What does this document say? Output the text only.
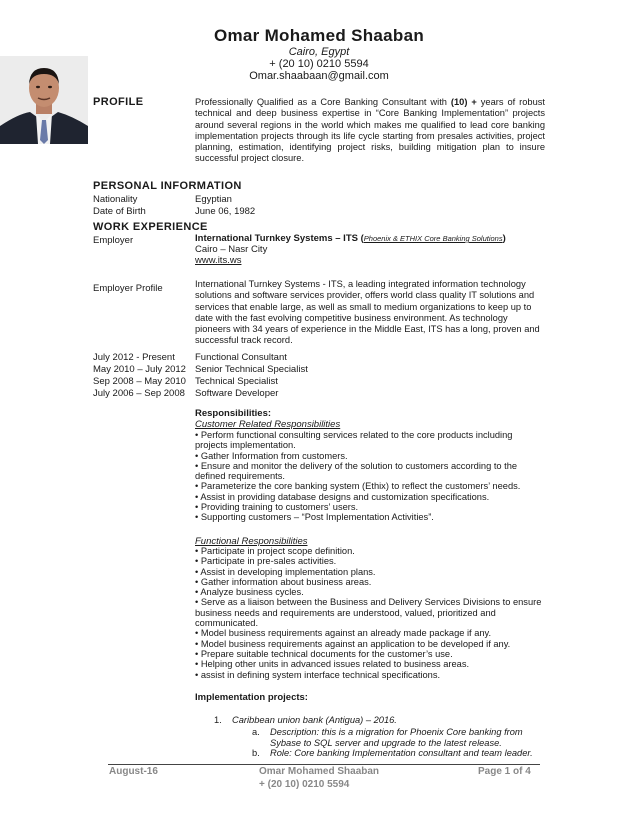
Omar Mohamed Shaaban
Cairo, Egypt
+ (20 10) 0210 5594
Omar.shaabaan@gmail.com
PROFILE	Professionally Qualified as a Core Banking Consultant with (10) + years of robust technical and deep business expertise in “Core Banking Implementation” projects around several regions in the world which makes me qualified to lead core banking implementation projects through its life cycle starting from presales activities, project planning, estimation, identifying project risks, building mitigation plan to insure successful project closure.
PERSONAL INFORMATION
Nationality	Egyptian
Date of Birth	June 06, 1982
WORK EXPERIENCE
Employer	International Turnkey Systems – ITS (Phoenix & ETHIX Core Banking Solutions)
Cairo – Nasr City
www.its.ws
Employer Profile	International Turnkey Systems - ITS, a leading integrated information technology solutions and software services provider, offers world class quality IT solutions and services that enable large, as well as small to medium organizations to keep up to date with the fast evolving competitive business environment. As technology pioneers with 34 years of experience in the Middle East, ITS has a long, proven and successful track record.
July 2012 - Present Functional Consultant
May 2010 – July 2012 Senior Technical Specialist
Sep 2008 – May 2010 Technical Specialist
July 2006 – Sep 2008 Software Developer
Responsibilities:
Customer Related Responsibilities
• Perform functional consulting services related to the core products including projects implementation.
• Gather Information from customers.
• Ensure and monitor the delivery of the solution to customers according to the defined requirements.
• Parameterize the core banking system (Ethix) to reflect the customers’ needs.
• Assist in providing database designs and customization specifications.
• Providing training to customers’ users.
• Supporting customers – “Post Implementation Activities”.
Functional Responsibilities
• Participate in project scope definition.
• Participate in pre-sales activities.
• Assist in developing implementation plans.
• Gather information about business areas.
• Analyze business cycles.
• Serve as a liaison between the Business and Delivery Services Divisions to ensure business needs and requirements are understood, valued, prioritized and communicated.
• Model business requirements against an already made package if any.
• Model business requirements against an application to be developed if any.
• Prepare suitable technical documents for the customer’s use.
• Helping other units in advanced issues related to business areas.
• assist in defining system interface technical specifications.
Implementation projects:
1. Caribbean union bank (Antigua) – 2016.
a. Description: this is a migration for Phoenix Core banking from Sybase to SQL server and upgrade to the latest release.
b. Role: Core banking Implementation consultant and team leader.
August-16	Omar Mohamed Shaaban
+ (20 10) 0210 5594
Page 1 of 4
